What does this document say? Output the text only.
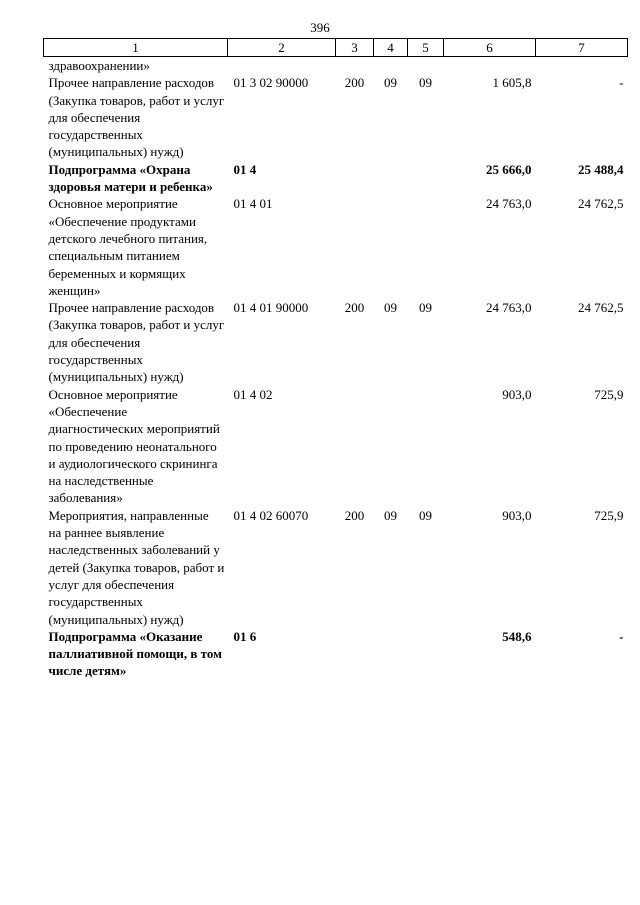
396
1	2	3	4	5	6	7
здравоохранении»						
Прочее направление расходов (Закупка товаров, работ и услуг для обеспечения государственных (муниципальных) нужд)	01 3 02 90000	200	09	09	1 605,8	-
Подпрограмма «Охрана здоровья матери и ребенка»	01 4				25 666,0	25 488,4
Основное мероприятие «Обеспечение продуктами детского лечебного питания, специальным питанием беременных и кормящих женщин»	01 4 01				24 763,0	24 762,5
Прочее направление расходов (Закупка товаров, работ и услуг для обеспечения государственных (муниципальных) нужд)	01 4 01 90000	200	09	09	24 763,0	24 762,5
Основное мероприятие «Обеспечение диагностических мероприятий по проведению неонатального и аудиологического скрининга на наследственные заболевания»	01 4 02				903,0	725,9
Мероприятия, направленные на раннее выявление наследственных заболеваний у детей (Закупка товаров, работ и услуг для обеспечения государственных (муниципальных) нужд)	01 4 02 60070	200	09	09	903,0	725,9
Подпрограмма «Оказание паллиативной помощи, в том числе детям»	01 6				548,6	-
